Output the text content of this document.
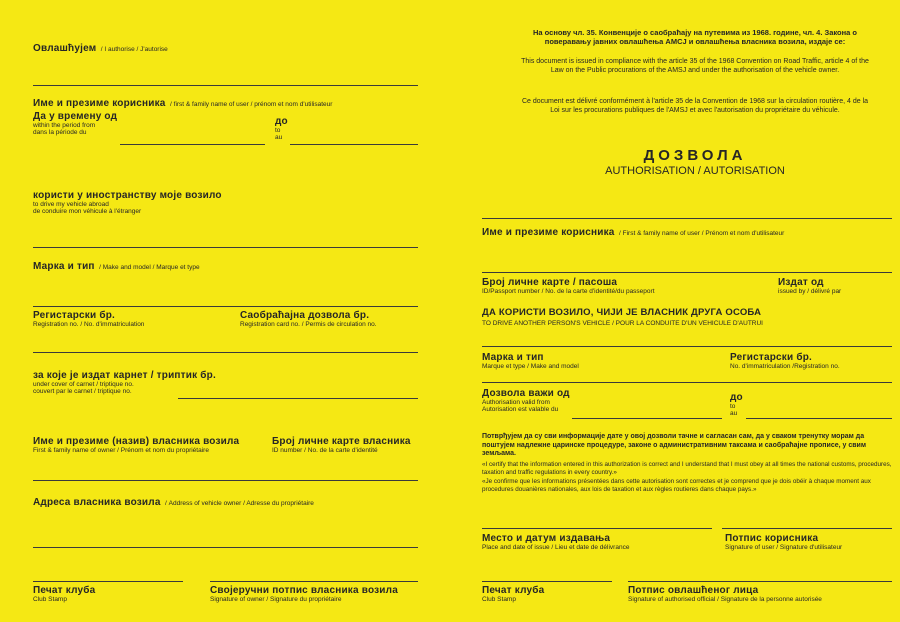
Овлашћујем / I authorise / J'autorise
Име и презиме корисника / first & family name of user / prénom et nom d'utilisateur
Да у времену од
within the period from
dans la période du
до
to
au
користи у иностранству моје возило
to drive my vehicle abroad
de conduire mon véhicule à l'étranger
Марка и тип / Make and model / Marque et type
Регистарски бр.
Registration no. / No. d'immatriculation
Саобраћајна дозвола бр.
Registration card no. / Permis de circulation no.
за које је издат карнет / триптик бр.
under cover of carnet / triptique no.
couvert par le carnet / triptique no.
Име и презиме (назив) власника возила
First & family name of owner / Prénom et nom du propriétaire
Број личне карте власника
ID number / No. de la carte d'identité
Адреса власника возила / Address of vehicle owner / Adresse du propriétaire
Печат клуба
Club Stamp
Својеручни потпис власника возила
Signature of owner / Signature du propriétaire
На основу чл. 35. Конвенције о саобраћају на путевима из 1968. године, чл. 4. Закона о поверавању јавних овлашћења АМСЈ и овлашћења власника возила, издаје се:
This document is issued in compliance with the article 35 of the 1968 Convention on Road Traffic, article 4 of the Law on the Public procurations of the AMSJ and under the authorisation of the vehicle owner.
Ce document est délivré conformément à l'article 35 de la Convention de 1968 sur la circulation routière, 4 de la Loi sur les procurations publiques de l'AMSJ et avec l'autorisation du propriétaire du véhicule.
ДОЗВОЛА
AUTHORISATION / AUTORISATION
Име и презиме корисника / First & family name of user / Prénom et nom d'utilisateur
Број личне карте / пасоша
ID/Passport number / No. de la carte d'identité/du passeport
Издат од
issued by / délivré par
ДА КОРИСТИ ВОЗИЛО, ЧИЈИ ЈЕ ВЛАСНИК ДРУГА ОСОБА
TO DRIVE ANOTHER PERSON'S VEHICLE / POUR LA CONDUITE D'UN VEHICULE D'AUTRUI
Марка и тип
Marque et type / Make and model
Регистарски бр.
No. d'immatriculation /Registration no.
Дозвола важи од
Authorisation valid from
Autorisation est valable du
до
to
au
Потврђујем да су сви информације дате у овој дозволи тачне и сагласан сам, да у сваком тренутку морам да поштујем надлежне царинске процедуре, законе о административним таксама и саобраћајне прописе, у свим земљама.
«I certify that the information entered in this authorization is correct and I understand that I must obey at all times the national customs, procedures, taxation and traffic regulations in every country.»
«Je confirme que les informations présentées dans cette autorisation sont correctes et je comprend que je dois obéir à chaque moment aux procedures douanières nationales, aux lois de taxation et aux règles routieres dans chaque pays.»
Место и датум издавања
Place and date of issue / Lieu et date de délivrance
Потпис корисника
Signature of user / Signature d'utilisateur
Печат клуба
Club Stamp
Потпис овлашћеног лица
Signature of authorised official / Signature de la personne autorisée
